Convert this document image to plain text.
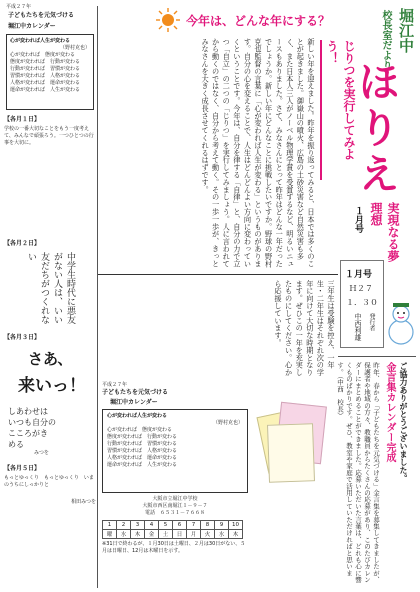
堀江中
校長室だより
ほ
り
え
実現なる夢　理想
１月号
１月号
Ｈ２７
１．３０
発行者
中西利雄
今年は、どんな年にする？
じりつを実行してみよう！
新しい年を迎えました。昨年を振り返ってみると、日本では多くのことが起きました。御嶽山の噴火、広島の土砂災害など自然災害も多く、また日本人三人がノーベル物理学賞を受賞するなど、明るいニュースもありました。さて、みなさんにとって昨年はどんな一年だったでしょうか。新しい年にどんなことに挑戦したいですか。野球の野村克也監督の言葉に「心が変われば人生が変わる」というものがあります。自分の心を変えることで、人生はどんどんよい方向に変わっていくということです。今年は、自分を律する「自律」と、自分の力で立つ「自立」の二つの「じりつ」を実行してみましょう。人に言われてから動くのではなく、自分から考えて動く。その一歩一歩が、きっとみなさんを大きく成長させてくれるはずです。
三年生は受験を控え、一年生・二年生はそれぞれ次の学年に向けて大切な時期となります。ぜひこの一年を充実したものにしてください。心から応援しています。
平成２７年
子どもたちを元気づける
堀江中カレンダー
心が変われば人生が変わる
（野村克也）
心が変われば　態度が変わる
態度が変われば　行動が変わる
行動が変われば　習慣が変わる
習慣が変われば　人格が変わる
人格が変われば　運命が変わる
運命が変われば　人生が変わる
【各月１日】
学校の一番大切なことをもう一度考えて、みんなで頑張ろう。一つひとつの行事を大切に。
【各月２日】
中学生時代に悪友がない人は、いい友だちがつくれない
【各月３日】
さあ、
来いっ！
しあわせは
いつも自分の
こころがき
める
みつを
【各月５日】
もっとゆっくり　もっとゆっくり　いまのうちにしっかりと
相田みつを
平成２７年
子どもたちを元気づける
堀江中カレンダー
心が変われば人生が変わる
（野村克也）
心が変われば　態度が変わる
態度が変われば　行動が変わる
行動が変われば　習慣が変わる
習慣が変われば　人格が変わる
人格が変われば　運命が変わる
運命が変われば　人生が変わる
大阪市立堀江中学校
大阪市西区南堀江１－９－７
電話　６５３１－７６６８
1	2	3	4	5	6	7	8	9	10
曜	水	木	金	土	日	月	火	水	木
※31日で終わるが、１月30日は土曜日、２月は30日がない、５月は日曜日、12月は木曜日を示す。
ご協力ありがとうございました。
金言集カレンダー完成
昨年、春から「子どもたちを元気づける」金言集を募集してきましたが、保護者や地域の方々、教職員からたくさんの応募があり、このたびカレンダーにまとめることができました。応募いただいた言葉は、どれも心に響くものばかりです。ぜひ、教室や家庭で活用していただければと思います。（中西　校長）
